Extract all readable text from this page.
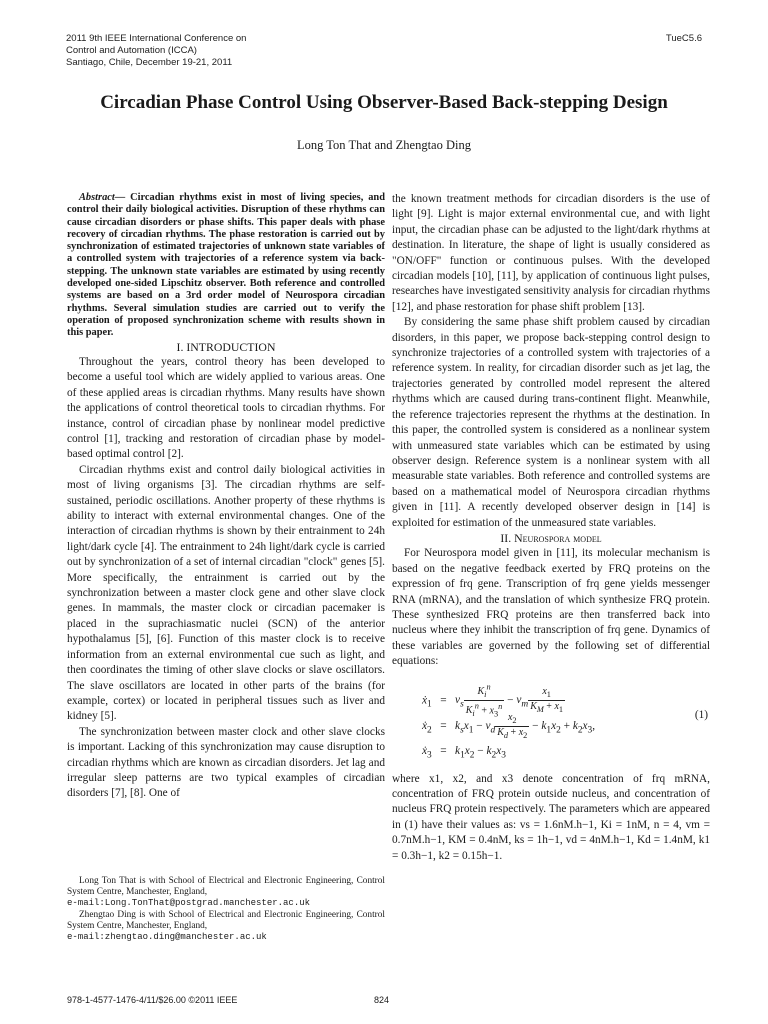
2011 9th IEEE International Conference on
Control and Automation (ICCA)
Santiago, Chile, December 19-21, 2011
TueC5.6
Circadian Phase Control Using Observer-Based Back-stepping Design
Long Ton That and Zhengtao Ding

Abstract— Circadian rhythms exist in most of living species, and control their daily biological activities. Disruption of these rhythms can cause circadian disorders or phase shifts. This paper deals with phase recovery of circadian rhythms. The phase restoration is carried out by synchronization of estimated trajectories of unknown state variables of a controlled system with trajectories of a reference system via back-stepping. The unknown state variables are estimated by using recently developed one-sided Lipschitz observer. Both reference and controlled systems are based on a 3rd order model of Neurospora circadian rhythms. Several simulation studies are carried out to verify the operation of proposed synchronization scheme with results shown in this paper.

I. INTRODUCTION

Throughout the years, control theory has been developed to become a useful tool which are widely applied to various areas. One of these applied areas is circadian rhythms. Many results have shown the applications of control theoretical tools to circadian rhythms. For instance, control of circadian phase by nonlinear model predictive control [1], tracking and restoration of circadian phase by model-based optimal control [2].

Circadian rhythms exist and control daily biological activities in most of living organisms [3]. The circadian rhythms are self-sustained, periodic oscillations. Another property of these rhythms is ability to interact with external environmental changes. One of the interaction of circadian rhythms is shown by their entrainment to 24h light/dark cycle [4]. The entrainment to 24h light/dark cycle is carried out by synchronization of a set of internal circadian "clock" genes [5]. More specifically, the entrainment is carried out by the synchronization between a master clock gene and other slave clock genes. In mammals, the master clock or circadian pacemaker is placed in the suprachiasmatic nuclei (SCN) of the anterior hypothalamus [5], [6]. Function of this master clock is to receive information from an external environmental cue such as light, and then coordinates the timing of other slave clocks or slave oscillators. The slave oscillators are located in other parts of the brains (for example, cortex) or located in peripheral tissues such as liver and kidney [5].

The synchronization between master clock and other slave clocks is important. Lacking of this synchronization may cause disruption to circadian rhythms which are known as circadian disorders. Jet lag and irregular sleep patterns are two typical examples of circadian disorders [7], [8]. One of

the known treatment methods for circadian disorders is the use of light [9]. Light is major external environmental cue, and with light input, the circadian phase can be adjusted to the light/dark rhythms at destination. In literature, the shape of light is usually considered as "ON/OFF" function or continuous pulses. With the developed circadian models [10], [11], by application of continuous light pulses, researches have investigated sensitivity analysis for circadian rhythms [12], and phase restoration for phase shift problem [13].

By considering the same phase shift problem caused by circadian disorders, in this paper, we propose back-stepping control design to synchronize trajectories of a controlled system with trajectories of a reference system. In reality, for circadian disorder such as jet lag, the trajectories generated by controlled model represent the altered rhythms which are caused during trans-continent flight. Meanwhile, the reference trajectories represent the rhythms at the destination. In this paper, the controlled system is considered as a nonlinear system with unmeasured state variables which can be estimated by using observer design. Reference system is a nonlinear system with all measurable state variables. Both reference and controlled systems are based on a mathematical model of Neurospora circadian rhythms given in [11]. A recently developed observer design in [14] is exploited for estimation of the unmeasured state variables.

II. Neurospora model

For Neurospora model given in [11], its molecular mechanism is based on the negative feedback exerted by FRQ proteins on the expression of frq gene. Transcription of frq gene yields messenger RNA (mRNA), and the translation of which synthesize FRQ protein. These synthesized FRQ proteins are then transferred back into nucleus where they inhibit the transcription of frq gene. Dynamics of these variables are governed by the following set of differential equations:

ẋ$_1$   =   $v_s \frac{K_i^n}{K_i^n + x_3^n} - v_m \frac{x_1}{K_M + x_1}$
ẋ$_2$   =   $k_sx_1 - v_d \frac{x_2}{K_d + x_2} - k_1x_2 + k_2x_3$,
(1)
ẋ$_3$   =   $k_1x_2 - k_2x_3$

where x1, x2, and x3 denote concentration of frq mRNA, concentration of FRQ protein outside nucleus, and concentration of nucleus FRQ protein respectively. The parameters which are appeared in (1) have their values as: vs = 1.6nM.h−1, Ki = 1nM, n = 4, vm = 0.7nM.h−1, KM = 0.4nM, ks = 1h−1, vd = 4nM.h−1, Kd = 1.4nM, k1 = 0.3h−1, k2 = 0.15h−1.

Long Ton That is with School of Electrical and Electronic Engineering, Control System Centre, Manchester, England,
e-mail:Long.TonThat@postgrad.manchester.ac.uk
Zhengtao Ding is with School of Electrical and Electronic Engineering, Control System Centre, Manchester, England,
e-mail:zhengtao.ding@manchester.ac.uk
978-1-4577-1476-4/11/$26.00 ©2011 IEEE	824
